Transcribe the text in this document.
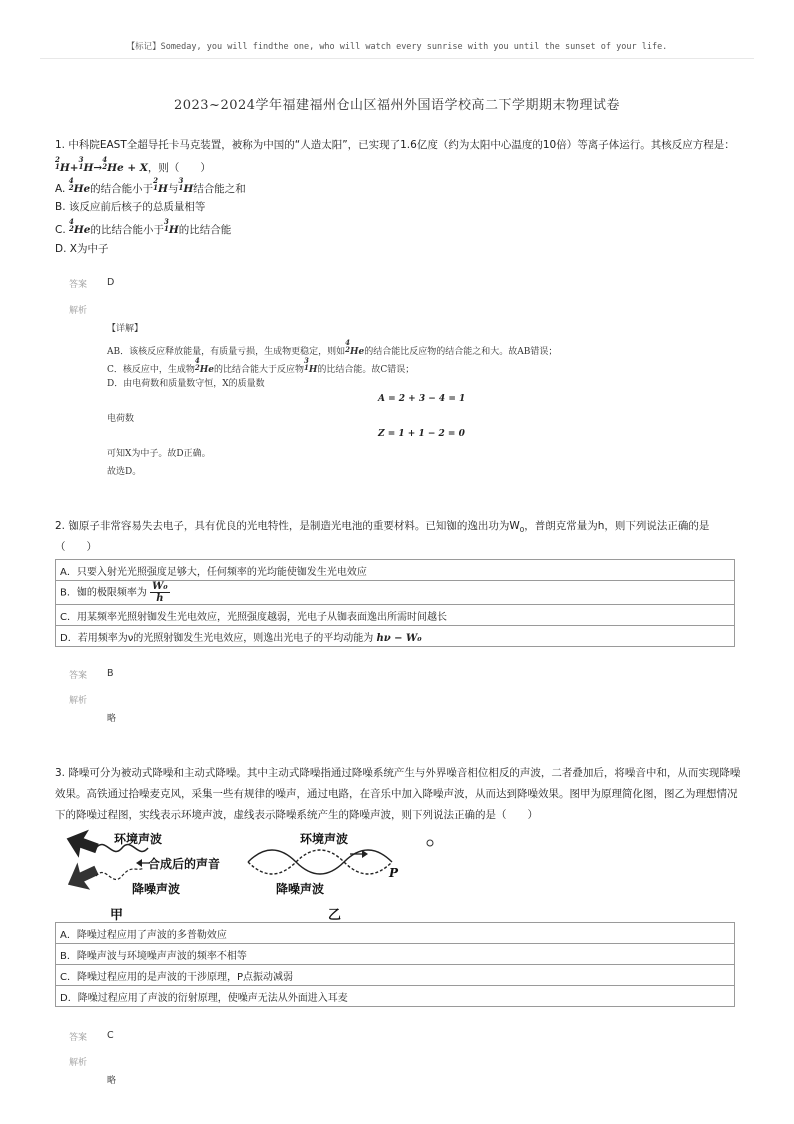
【标记】Someday, you will findthe one, who will watch every sunrise with you until the sunset of your life.
2023~2024学年福建福州仓山区福州外国语学校高二下学期期末物理试卷
1. 中科院EAST全超导托卡马克装置，被称为中国的“人造太阳”，已实现了1.6亿度（约为太阳中心温度的10倍）等离子体运行。其核反应方程是：
2
1H+3
1H→4
2He + X，则（　　）
A. 4
2He的结合能小于2
1H与3
1H结合能之和
B. 该反应前后核子的总质量相等
C. 4
2He的比结合能小于3
1H的比结合能
D. X为中子
答案 D
解析
【详解】
AB．该核反应释放能量，有质量亏损，生成物更稳定，则如4
2He的结合能比反应物的结合能之和大。故AB错误；
C．核反应中，生成物4
2He的比结合能大于反应物3
1H的比结合能。故C错误；
D．由电荷数和质量数守恒，X的质量数
A = 2 + 3 − 4 = 1
电荷数
Z = 1 + 1 − 2 = 0
可知X为中子。故D正确。
故选D。
2. 铷原子非常容易失去电子，具有优良的光电特性，是制造光电池的重要材料。已知铷的逸出功为$W_0$，普朗克常量为h，则下列说法正确的是
（　　）
A．只要入射光光照强度足够大，任何频率的光均能使铷发生光电效应
B．铷的极限频率为 $\frac{\text{W₀}}{h}$

C．用某频率光照射铷发生光电效应，光照强度越弱，光电子从铷表面逸出所需时间越长
D．若用频率为ν的光照射铷发生光电效应，则逸出光电子的平均动能为 hν − W₀
答案 B
解析
略
3. 降噪可分为被动式降噪和主动式降噪。其中主动式降噪指通过降噪系统产生与外界噪音相位相反的声波，二者叠加后，将噪音中和，从而实现降噪效果。高铁通过拾噪麦克风，采集一些有规律的噪声，通过电路，在音乐中加入降噪声波，从而达到降噪效果。图甲为原理简化图，图乙为理想情况下的降噪过程图，实线表示环境声波，虚线表示降噪系统产生的降噪声波，则下列说法正确的是（　　）
环境声波
合成后的声音
降噪声波
甲
环境声波
降噪声波
P
乙
A．降噪过程应用了声波的多普勒效应
B．降噪声波与环境噪声声波的频率不相等
C．降噪过程应用的是声波的干涉原理，P点振动减弱
D．降噪过程应用了声波的衍射原理，使噪声无法从外面进入耳麦
答案 C
解析
略
